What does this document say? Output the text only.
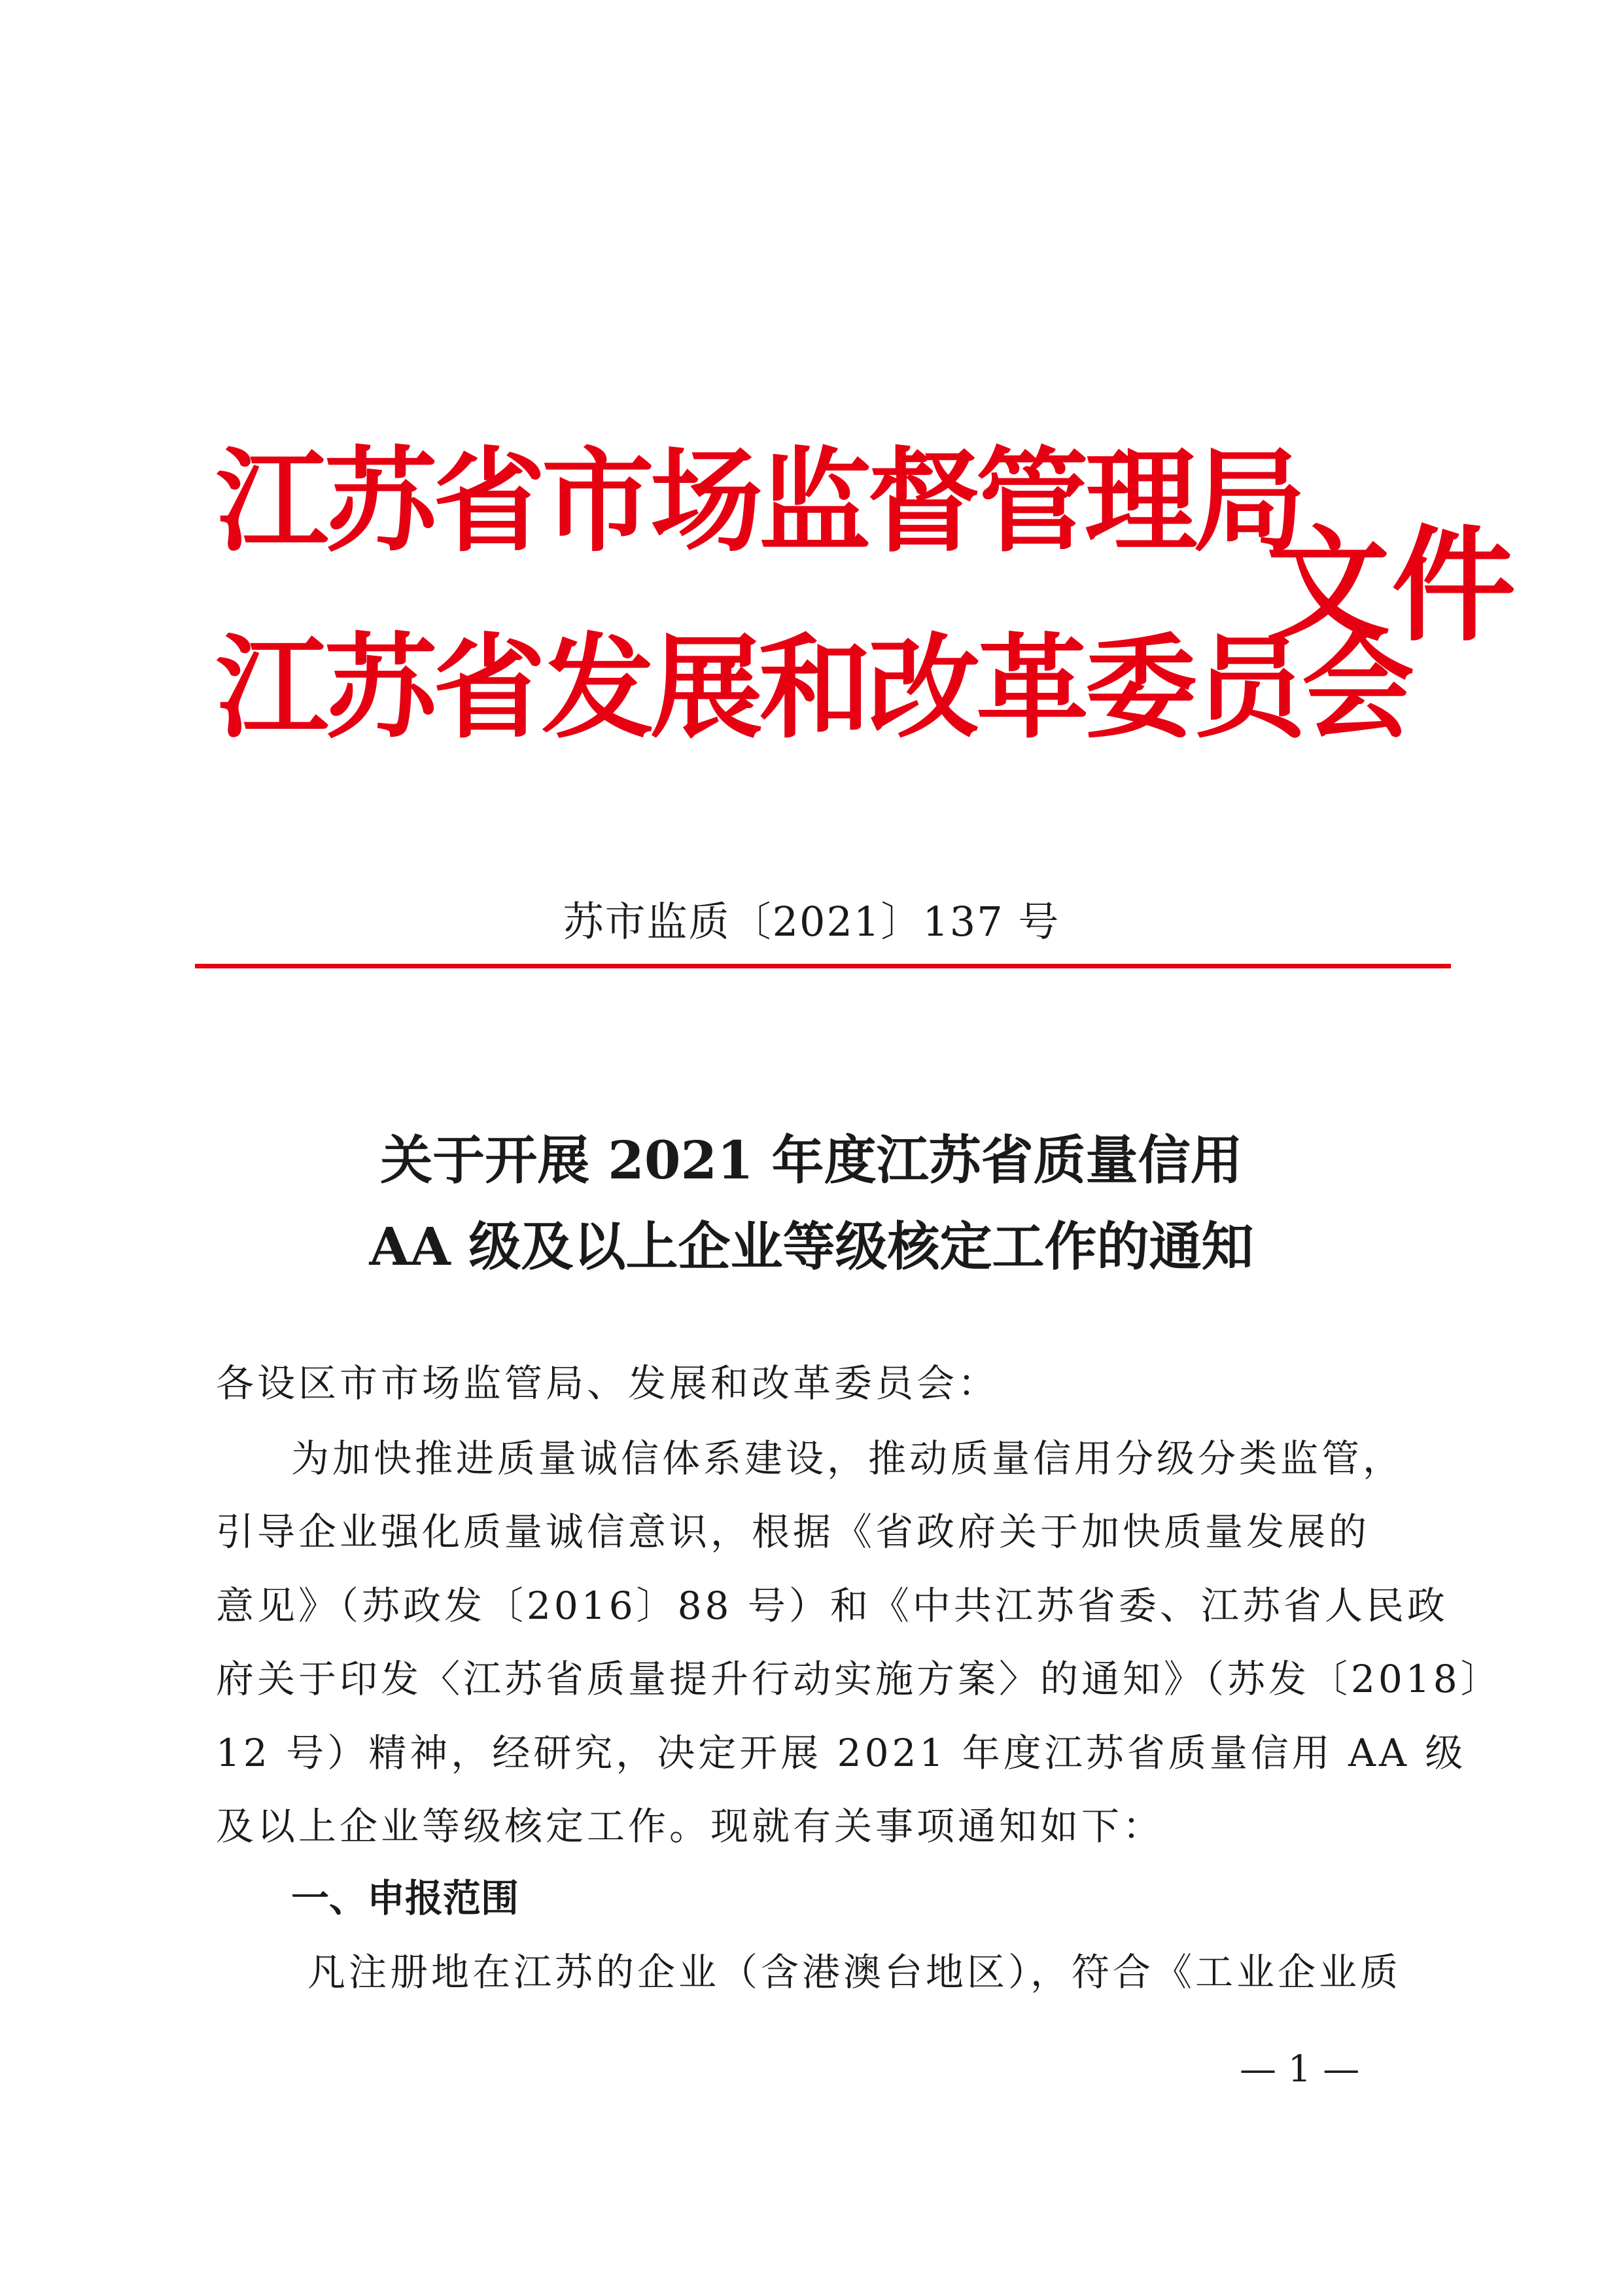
江苏省市场监督管理局
江苏省发展和改革委员会
文件
苏市监质〔2021〕137 号
关于开展 2021 年度江苏省质量信用
AA 级及以上企业等级核定工作的通知
各设区市市场监管局、发展和改革委员会：
为加快推进质量诚信体系建设，推动质量信用分级分类监管，
引导企业强化质量诚信意识，根据《省政府关于加快质量发展的
意见》（苏政发〔2016〕88 号）和《中共江苏省委、江苏省人民政
府关于印发〈江苏省质量提升行动实施方案〉的通知》（苏发〔2018〕
12 号）精神，经研究，决定开展 2021 年度江苏省质量信用 AA 级
及以上企业等级核定工作。现就有关事项通知如下：
一、申报范围
凡注册地在江苏的企业（含港澳台地区），符合《工业企业质
— 1 —
